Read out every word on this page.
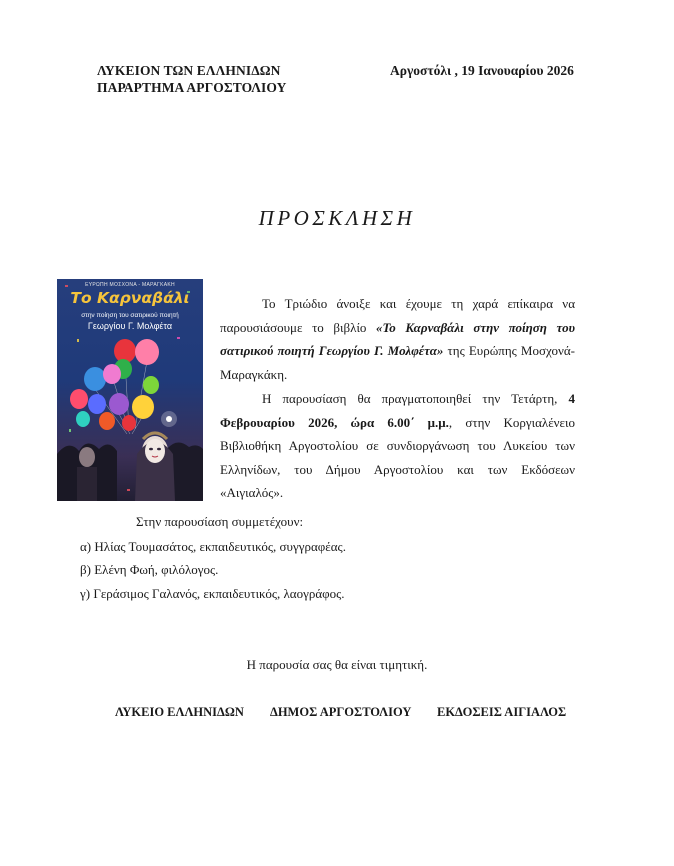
ΛΥΚΕΙΟΝ ΤΩΝ ΕΛΛΗΝΙΔΩΝ
ΠΑΡΑΡΤΗΜΑ ΑΡΓΟΣΤΟΛΙΟΥ
Αργοστόλι , 19 Ιανουαρίου 2026
ΠΡΟΣΚΛΗΣΗ
ΕΥΡΩΠΗ ΜΟΣΧΟΝΑ - ΜΑΡΑΓΚΑΚΗ
Το Καρναβάλι
στην ποίηση του σατιρικού ποιητή
Γεωργίου Γ. Μολφέτα
Το Τριώδιο άνοιξε και έχουμε τη χαρά επίκαιρα να παρουσιάσουμε το βιβλίο «Το Καρναβάλι στην ποίηση του σατιρικού ποιητή Γεωργίου Γ. Μολφέτα» της Ευρώπης Μοσχονά-Μαραγκάκη.
Η παρουσίαση θα πραγματοποιηθεί την Τετάρτη, 4 Φεβρουαρίου 2026, ώρα 6.00΄ μ.μ., στην Κοργιαλένειο Βιβλιοθήκη Αργοστολίου σε συνδιοργάνωση του Λυκείου των Ελληνίδων, του Δήμου Αργοστολίου και των Εκδόσεων «Αιγιαλός».
Στην παρουσίαση συμμετέχουν:
α) Ηλίας Τουμασάτος, εκπαιδευτικός, συγγραφέας.
β) Ελένη Φωή, φιλόλογος.
γ) Γεράσιμος Γαλανός, εκπαιδευτικός, λαογράφος.
Η παρουσία σας θα είναι τιμητική.
ΛΥΚΕΙΟ ΕΛΛΗΝΙΔΩΝ ΔΗΜΟΣ ΑΡΓΟΣΤΟΛΙΟΥ ΕΚΔΟΣΕΙΣ ΑΙΓΙΑΛΟΣ
